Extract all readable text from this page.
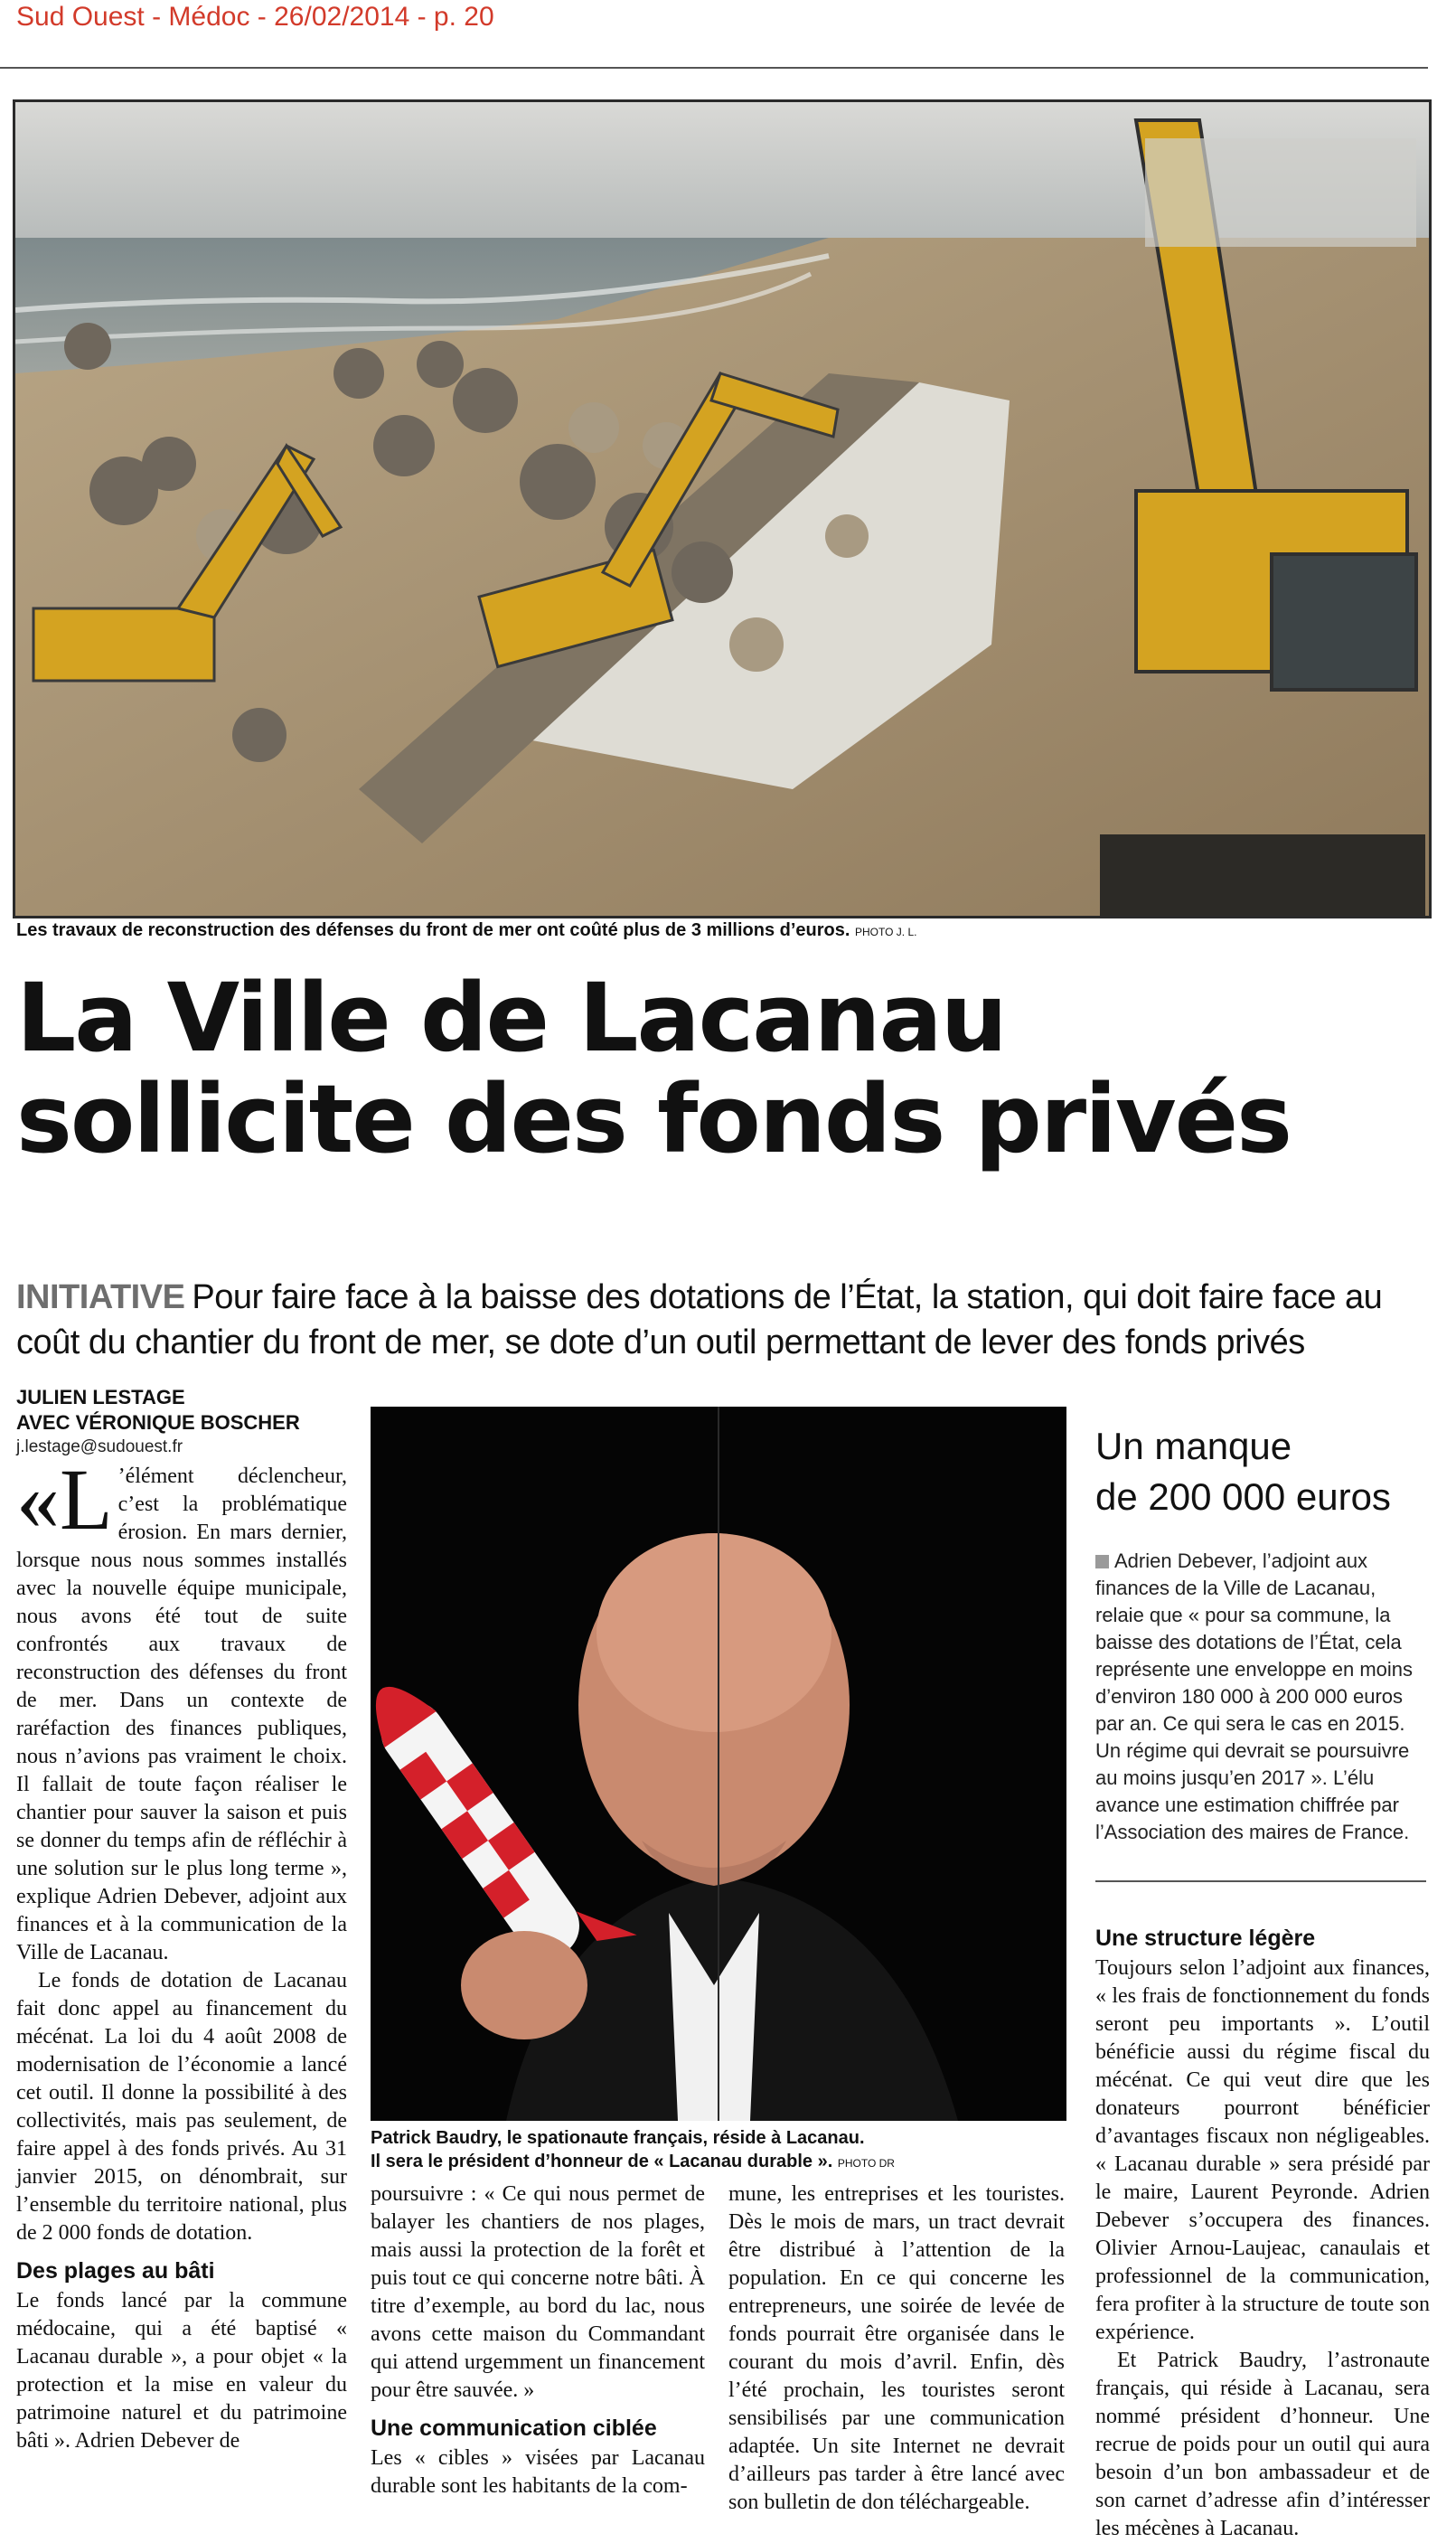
Sud Ouest - Médoc - 26/02/2014 - p. 20
Les travaux de reconstruction des défenses du front de mer ont coûté plus de 3 millions d’euros. PHOTO J. L.
La Ville de Lacanau
sollicite des fonds privés
INITIATIVE Pour faire face à la baisse des dotations de l’État, la station, qui doit faire face au coût du chantier du front de mer, se dote d’un outil permettant de lever des fonds privés
JULIEN LESTAGE
AVEC VÉRONIQUE BOSCHER
j.lestage@sudouest.fr

«L ’élément déclencheur, c’est la problématique érosion. En mars dernier, lorsque nous nous sommes installés avec la nouvelle équipe municipale, nous avons été tout de suite confrontés aux travaux de reconstruction des défenses du front de mer. Dans un contexte de raréfaction des finances publiques, nous n’avions pas vraiment le choix. Il fallait de toute façon réaliser le chantier pour sauver la saison et puis se donner du temps afin de réfléchir à une solution sur le plus long terme », explique Adrien Debever, adjoint aux finances et à la communication de la Ville de Lacanau.

Le fonds de dotation de Lacanau fait donc appel au financement du mécénat. La loi du 4 août 2008 de modernisation de l’économie a lancé cet outil. Il donne la possibilité à des collectivités, mais pas seulement, de faire appel à des fonds privés. Au 31 janvier 2015, on dénombrait, sur l’ensemble du territoire national, plus de 2 000 fonds de dotation.

Des plages au bâti

Le fonds lancé par la commune médocaine, qui a été baptisé « Lacanau durable », a pour objet « la protection et la mise en valeur du patrimoine naturel et du patrimoine bâti ». Adrien Debever de

Patrick Baudry, le spationaute français, réside à Lacanau.
Il sera le président d’honneur de « Lacanau durable ». PHOTO DR

poursuivre : « Ce qui nous permet de balayer les chantiers de nos plages, mais aussi la protection de la forêt et puis tout ce qui concerne notre bâti. À titre d’exemple, au bord du lac, nous avons cette maison du Commandant qui attend urgemment un financement pour être sauvée. »

Une communication ciblée

Les « cibles » visées par Lacanau durable sont les habitants de la com-

mune, les entreprises et les touristes. Dès le mois de mars, un tract devrait être distribué à l’attention de la population. En ce qui concerne les entrepreneurs, une soirée de levée de fonds pourrait être organisée dans le courant du mois d’avril. Enfin, dès l’été prochain, les touristes seront sensibilisés par une communication adaptée. Un site Internet ne devrait d’ailleurs pas tarder à être lancé avec son bulletin de don téléchargeable.

Un manque
de 200 000 euros
Adrien Debever, l’adjoint aux finances de la Ville de Lacanau, relaie que « pour sa commune, la baisse des dotations de l’État, cela représente une enveloppe en moins d’environ 180 000 à 200 000 euros par an. Ce qui sera le cas en 2015. Un régime qui devrait se poursuivre au moins jusqu’en 2017 ». L’élu avance une estimation chiffrée par l’Association des maires de France.
Une structure légère

Toujours selon l’adjoint aux finances, « les frais de fonctionnement du fonds seront peu importants ». L’outil bénéficie aussi du régime fiscal du mécénat. Ce qui veut dire que les donateurs pourront bénéficier d’avantages fiscaux non négligeables. « Lacanau durable » sera présidé par le maire, Laurent Peyronde. Adrien Debever s’occupera des finances. Olivier Arnou-Laujeac, canaulais et professionnel de la communication, fera profiter à la structure de toute son expérience.

Et Patrick Baudry, l’astronaute français, qui réside à Lacanau, sera nommé président d’honneur. Une recrue de poids pour un outil qui aura besoin d’un bon ambassadeur et de son carnet d’adresse afin d’intéresser les mécènes à Lacanau.
